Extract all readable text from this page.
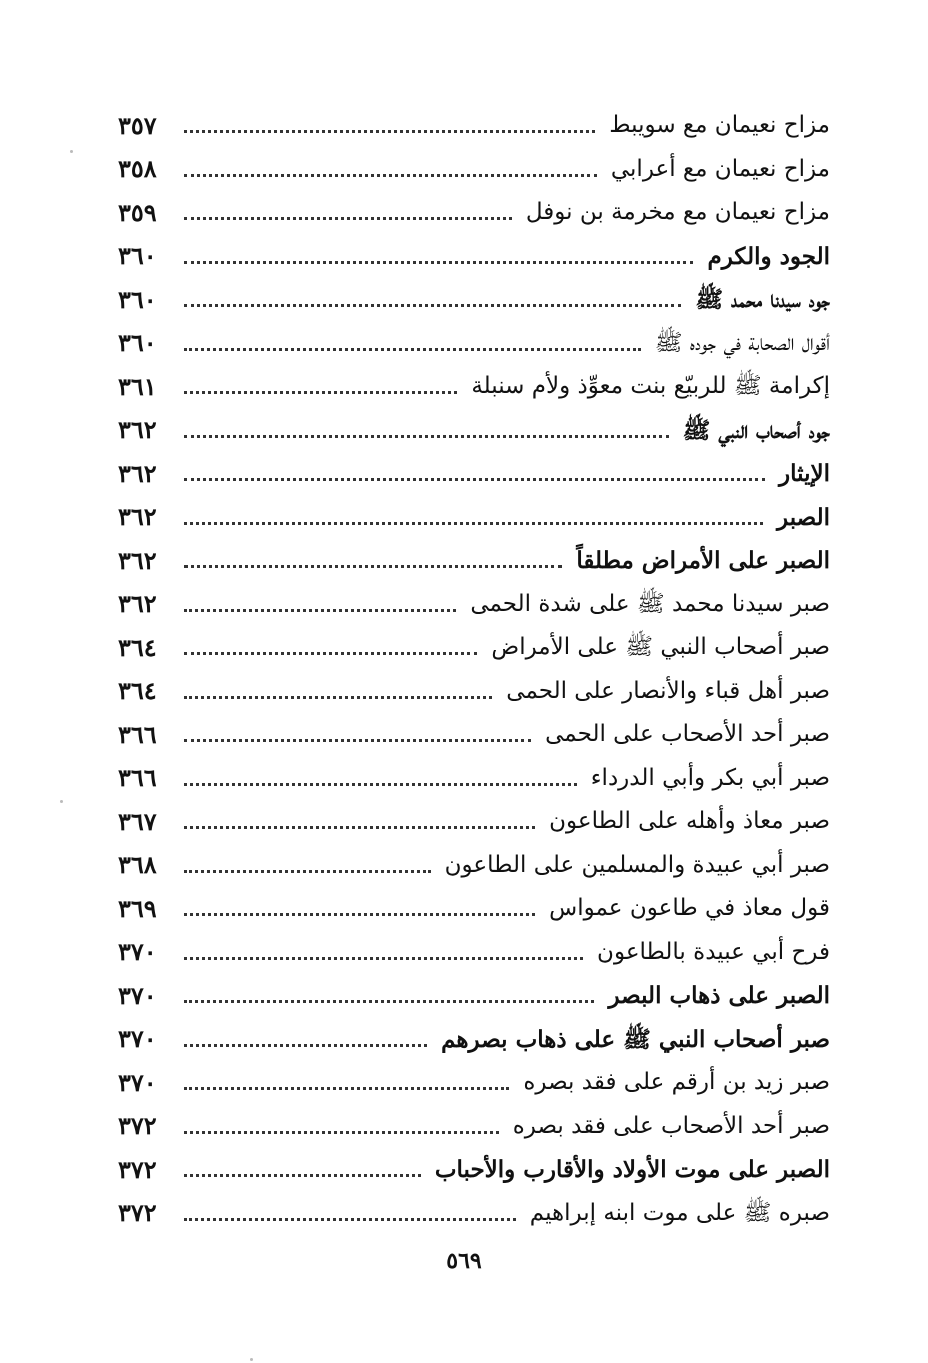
٣٥٧	مزاح نعيمان مع سويبط
٣٥٨	مزاح نعيمان مع أعرابي
٣٥٩	مزاح نعيمان مع مخرمة بن نوفل
٣٦٠	الجود والكرم
٣٦٠	جود سيدنا محمد ﷺ
٣٦٠	أقوال الصحابة في جوده ﷺ
٣٦١	إكرامة ﷺ للربيّع بنت معوِّذ ولأم سنبلة
٣٦٢	جود أصحاب النبي ﷺ
٣٦٢	الإيثار
٣٦٢	الصبر
٣٦٢	الصبر على الأمراض مطلقاً
٣٦٢	صبر سيدنا محمد ﷺ على شدة الحمى
٣٦٤	صبر أصحاب النبي ﷺ على الأمراض
٣٦٤	صبر أهل قباء والأنصار على الحمى
٣٦٦	صبر أحد الأصحاب على الحمى
٣٦٦	صبر أبي بكر وأبي الدرداء
٣٦٧	صبر معاذ وأهله على الطاعون
٣٦٨	صبر أبي عبيدة والمسلمين على الطاعون
٣٦٩	قول معاذ في طاعون عمواس
٣٧٠	فرح أبي عبيدة بالطاعون
٣٧٠	الصبر على ذهاب البصر
٣٧٠	صبر أصحاب النبي ﷺ على ذهاب بصرهم
٣٧٠	صبر زيد بن أرقم على فقد بصره
٣٧٢	صبر أحد الأصحاب على فقد بصره
٣٧٢	الصبر على موت الأولاد والأقارب والأحباب
٣٧٢	صبره ﷺ على موت ابنه إبراهيم
٥٦٩
